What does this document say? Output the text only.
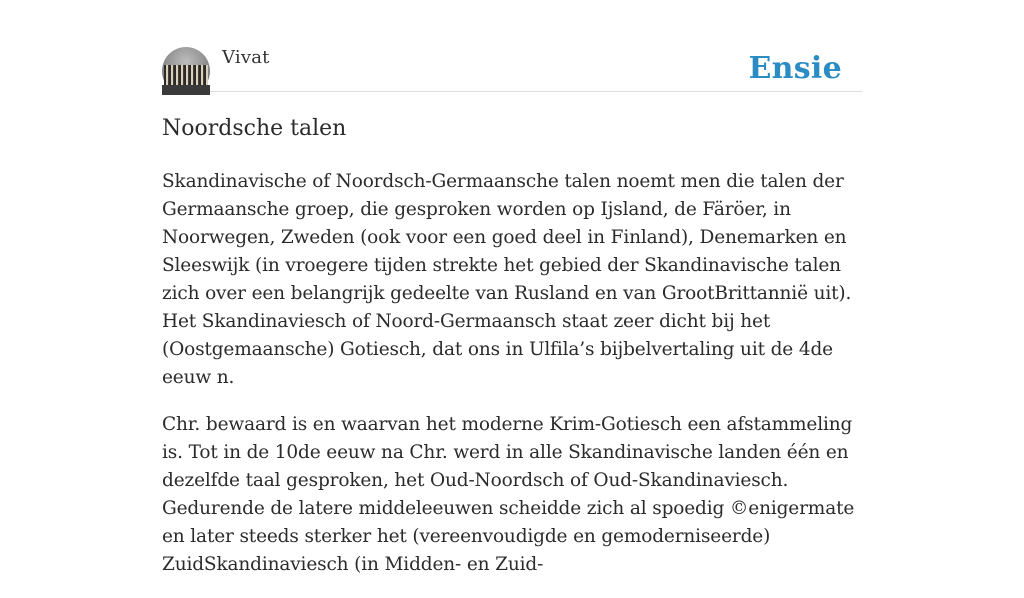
Vivat	Ensie
Noordsche talen

Skandinavische of Noordsch-Germaansche talen noemt men die talen der Germaansche groep, die gesproken worden op Ijsland, de Färöer, in Noorwegen, Zweden (ook voor een goed deel in Finland), Denemarken en Sleeswijk (in vroegere tijden strekte het gebied der Skandinavische talen zich over een belangrijk gedeelte van Rusland en van GrootBrittannië uit). Het Skandinaviesch of Noord-Germaansch staat zeer dicht bij het (Oostgemaansche) Gotiesch, dat ons in Ulfila’s bijbelvertaling uit de 4de eeuw n.

Chr. bewaard is en waarvan het moderne Krim-Gotiesch een afstammeling is. Tot in de 10de eeuw na Chr. werd in alle Skandinavische landen één en dezelfde taal gesproken, het Oud-Noordsch of Oud-Skandinaviesch. Gedurende de latere middeleeuwen scheidde zich al spoedig ©enigermate en later steeds sterker het (vereenvoudigde en gemoderniseerde) ZuidSkandinaviesch (in Midden- en Zuid-
